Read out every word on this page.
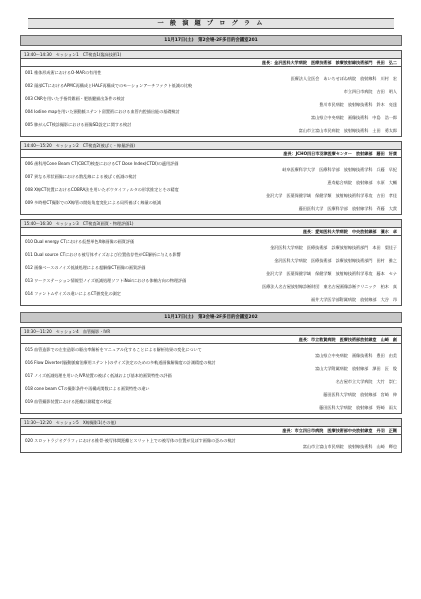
一 般 演 題 プ ロ グ ラ ム
11月17日(土)　第2会場-2F多目的会議室201
13:40～14:30　セッション1　CT検査1(臨床技術1)
座長：金沢医科大学病院　医療技術部　診療放射線技術部門　長田　弘二
001 椎体形成術におけるO-MARの有用性
医療法人全医会　あいちせぼね病院　放射線科　川村　宏
002 頭部CTにおけるAPMC再構成とHALF再構成でのモーションアーチファクト低減の比較
市立四日市病院　吉田　明人
003 CNRを用いた手指骨錐画・肥筋腱描出条件の検討
豊川市民病院　放射線技術科　鈴木　亮達
004 Iodine mapを用いた頸動脈ステント留置術における血管内腔描出能の基礎検討
富山県立中央病院　画像技術科　中島　浩一郎
005 肺がんCT検診撮影における画像SD設定に関する検討
富山市立富山市民病院　放射線技術科　土田　勇太郎
14:40～15:20　セッション2　CT検査2(被ばく・線量評価)
座長：JCHO四日市羽津医療センター　放射線部　藤田　好康
006 歯科用Cone Beam CT(CBCT)検査におけるCT Dose Index(CTDI)の適用評価
岐阜医療科学大学　医療科学部　放射線技術学科　兵藤　早紀
007 異なる形状画像における散乱線による被ばく低減の検討
恵寿総合病院　放射線部　水原　大輔
008 X線CT装置におけるCOBRA法を用いたボウタイフィルタの形状推定とその精度
金沢大学　医薬保健学域　保健学類　放射線技術科学専攻　吉田　孝佳
009 多時相CT撮影でのX線管の開始角度変化による局所被ばく線量の低減
藤田医科大学　医療科学部　放射線学科　斉藤　大貴
15:40～16:30　セッション3　CT検査3(画質・物理評価1)
座長：愛知医科大学病院　中央放射線部　濱水　卓
010 Dual energy CTにおける仮想単色X線画像の画質評価
金沢医科大学病院　医療技術部　診療放射線技術部門　本田　梨佳子
011 Dual source CTにおける被写体サイズおよび位置依存性がCE解析に与える影響
金沢医科大学病院　医療技術部　診療放射線技術部門　田村　雅之
012 画像ベースのノイズ低減処理による超解像CT画像の画質評価
金沢大学　医薬保健学域　保健学類　放射線技術科学専攻　藤本　セナ
013 ワークステーション情報型ノイズ低減処理ソフトiNoirにおける体軸方向の物理評価
医療法人名古屋放射線診断財団　東名古屋画像診断クリニック　柏木　真
014 ファントムサイズの違いによるCT値変化の測定
福井大学医学部附属病院　放射線部　大谷　昂
11月17日(土)　第3会場-2F多目的会議室202
10:30～11:20　セッション4　血管撮影・IVR
座長：市立敦賀病院　医療技術部放射線室　山崎　創
015 血管造影での左室造影の駆出率解析をマニュアル化することによる解析結果の変化について
富山県立中央病院　画像技術科　豊田　由美
016 Flow Diverter(脳動脈瘤治療用ステント)のサイズ決定のための多軌道画像解像度の計測精度の検討
富山大学附属病院　放射線部　澤田　匠　俊
017 ノイズ低減処理を用いたIVR装置の被ばく低減および基本的画質特性の評価
名古屋市立大学病院　大竹　崇仁
018 cone beam CTの撮影条件や再構成関数による画質特性の違い
藤田医科大学病院　放射線部　宮崎　伸
019 血管撮影装置における距離計測精度の検証
藤田医科大学病院　放射線部　野崎　雨太
11:30～12:20　セッション5　X線撮影1(その他)
座長：市立四日市病院　医療技術部中央放射線室　丹羽　正剛
020 スロットラジオグラフィにおける椎骨-被写体間距離とスリット上での被写体の位置が及ぼす画像の歪みの検討
富山市立富山市民病院　放射線技術科　山崎　輝也
